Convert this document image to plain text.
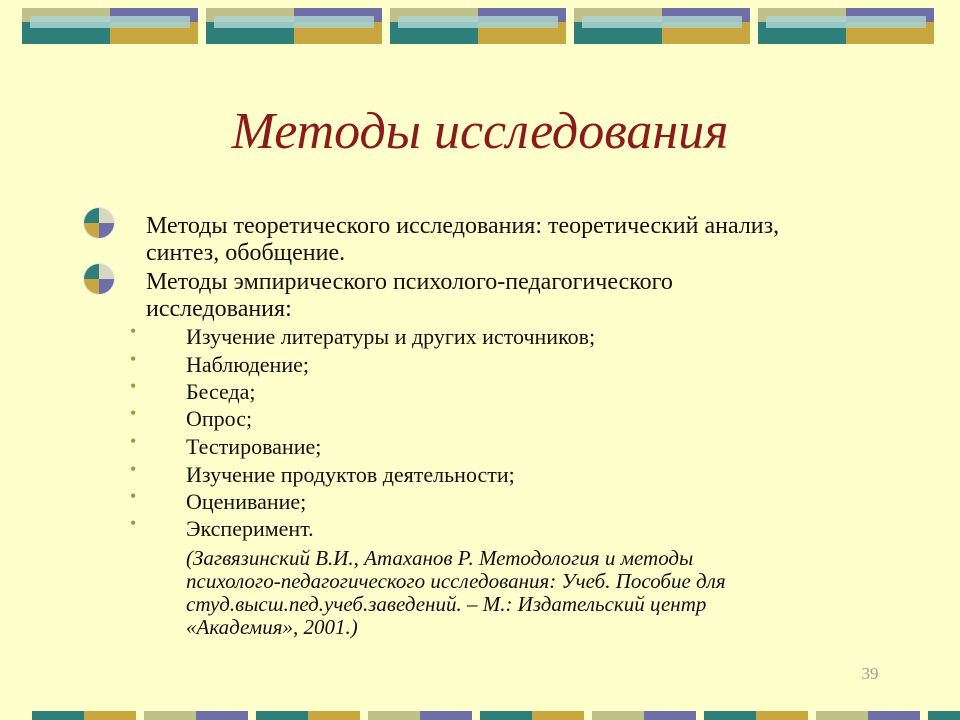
Методы исследования
Методы теоретического исследования: теоретический анализ,
синтез, обобщение.
Методы эмпирического психолого-педагогического
исследования:
• Изучение литературы и других источников;
• Наблюдение;
• Беседа;
• Опрос;
• Тестирование;
• Изучение продуктов деятельности;
• Оценивание;
• Эксперимент.
(Загвязинский В.И., Атаханов Р. Методология и методы
психолого-педагогического исследования: Учеб. Пособие для
студ.высш.пед.учеб.заведений. – М.: Издательский центр
«Академия», 2001.)
39
